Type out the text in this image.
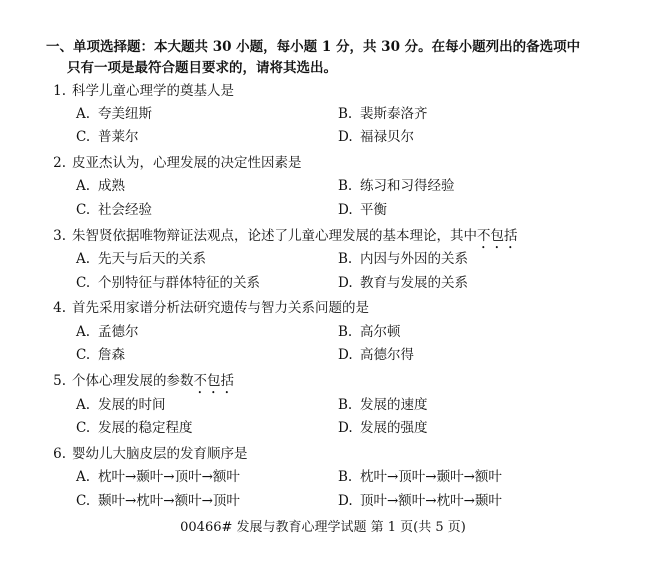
一、单项选择题：本大题共 30 小题，每小题 1 分，共 30 分。在每小题列出的备选项中
只有一项是最符合题目要求的，请将其选出。
1. 科学儿童心理学的奠基人是
A. 夸美纽斯	B. 裴斯泰洛齐
C. 普莱尔	D. 福禄贝尔
2. 皮亚杰认为，心理发展的决定性因素是
A. 成熟	B. 练习和习得经验
C. 社会经验	D. 平衡
3. 朱智贤依据唯物辩证法观点，论述了儿童心理发展的基本理论，其中不包括
A. 先天与后天的关系	B. 内因与外因的关系
C. 个别特征与群体特征的关系	D. 教育与发展的关系
4. 首先采用家谱分析法研究遗传与智力关系问题的是
A. 孟德尔	B. 高尔顿
C. 詹森	D. 高德尔得
5. 个体心理发展的参数不包括
A. 发展的时间	B. 发展的速度
C. 发展的稳定程度	D. 发展的强度
6. 婴幼儿大脑皮层的发育顺序是
A. 枕叶→颞叶→顶叶→额叶	B. 枕叶→顶叶→颞叶→额叶
C. 颞叶→枕叶→额叶→顶叶	D. 顶叶→额叶→枕叶→颞叶
00466# 发展与教育心理学试题 第 1 页(共 5 页)
